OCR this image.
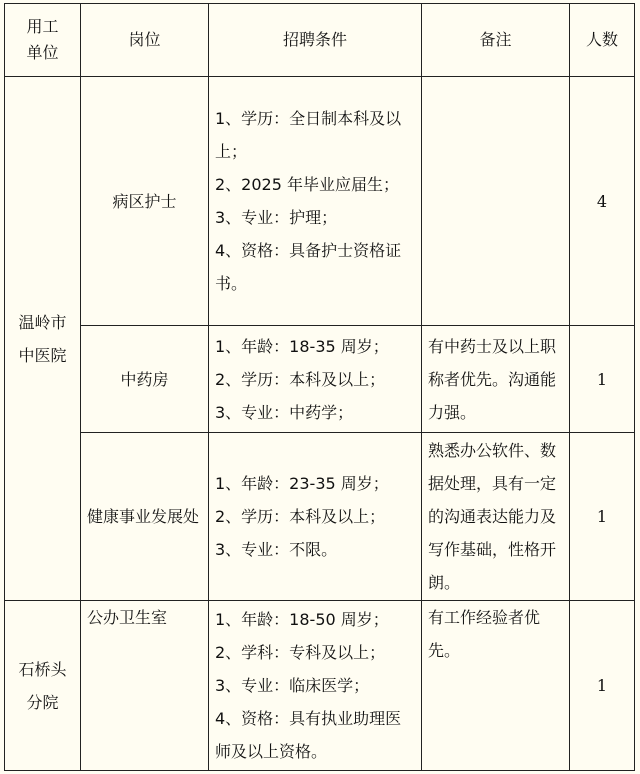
用工
单位	岗位	招聘条件	备注	人数

温岭市
中医院	病区护士	1、学历：全日制本科及以上；
2、2025 年毕业应届生；
3、专业：护理；
4、资格：具备护士资格证书。		4
	中药房	1、年龄：18-35 周岁；
2、学历：本科及以上；
3、专业：中药学；	有中药士及以上职称者优先。沟通能力强。	1
	健康事业发展处	1、年龄：23-35 周岁；
2、学历：本科及以上；
3、专业：不限。	熟悉办公软件、数据处理，具有一定的沟通表达能力及写作基础，性格开朗。	1

石桥头
分院	公办卫生室	1、年龄：18-50 周岁；
2、学科：专科及以上；
3、专业：临床医学；
4、资格：具有执业助理医师及以上资格。	有工作经验者优先。	1
